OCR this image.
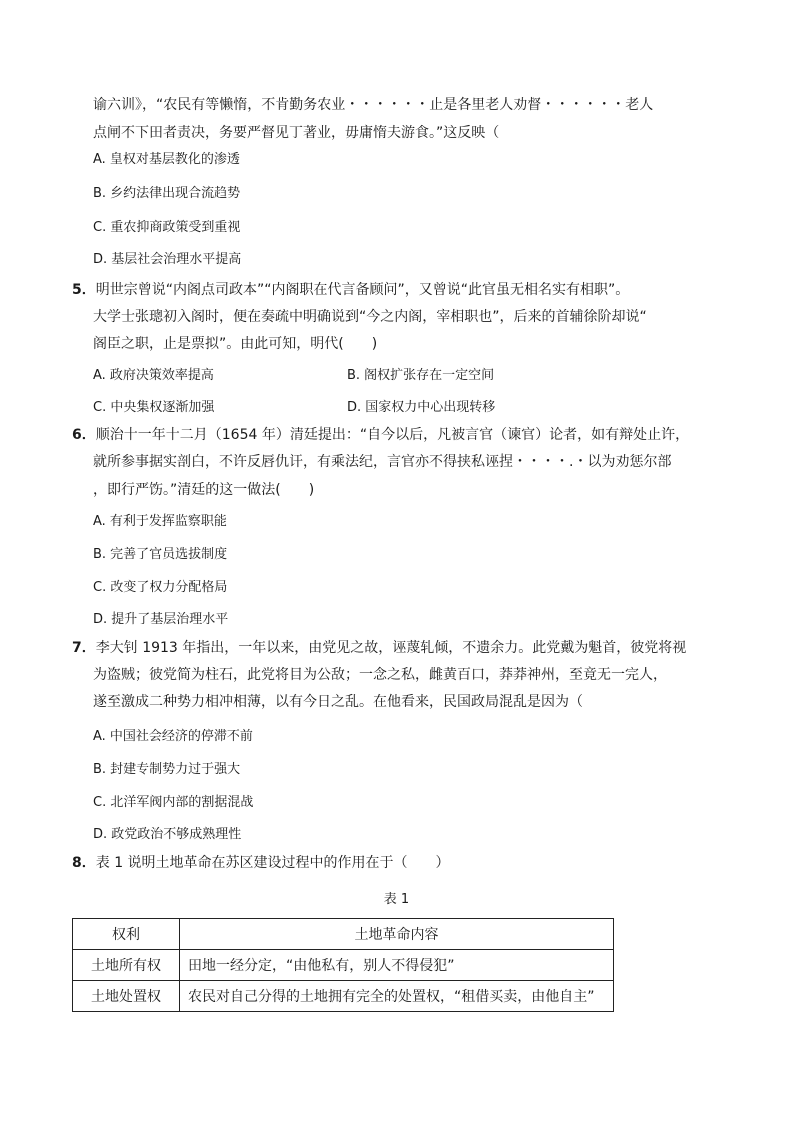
谕六训》，“农民有等懒惰，不肯勤务农业・・・・・・止是各里老人劝督・・・・・・老人
点闸不下田者责决，务要严督见丁著业，毋庸惰夫游食。”这反映（
A. 皇权对基层教化的渗透
B. 乡约法律出现合流趋势
C. 重农抑商政策受到重视
D. 基层社会治理水平提高
5．明世宗曾说“内阁点司政本”“内阁职在代言备顾问”，又曾说“此官虽无相名实有相职”。
大学士张璁初入阁时，便在奏疏中明确说到“今之内阁，宰相职也”，后来的首辅徐阶却说“
阁臣之职，止是票拟”。由此可知，明代(　　)
A. 政府决策效率提高	B. 阁权扩张存在一定空间
C. 中央集权逐渐加强	D. 国家权力中心出现转移
6．顺治十一年十二月（1654 年）清廷提出：“自今以后，凡被言官（谏官）论者，如有辩处止许，
就所参事据实剖白，不许反唇仇讦，有乘法纪，言官亦不得挟私诬捏・・・・.・以为劝惩尔部
，即行严饬。”清廷的这一做法(　　)
A. 有利于发挥监察职能
B. 完善了官员选拔制度
C. 改变了权力分配格局
D. 提升了基层治理水平
7．李大钊 1913 年指出，一年以来，由党见之故，诬蔑轧倾，不遗余力。此党戴为魁首，彼党将视
为盗贼；彼党简为柱石，此党将目为公敌；一念之私，雌黄百口，莽莽神州，至竟无一完人，
遂至激成二种势力相冲相薄，以有今日之乱。在他看来，民国政局混乱是因为（
A. 中国社会经济的停滞不前
B. 封建专制势力过于强大
C. 北洋军阀内部的割据混战
D. 政党政治不够成熟理性
8．表 1 说明土地革命在苏区建设过程中的作用在于（　　）
表 1
权利	土地革命内容
土地所有权	田地一经分定，“由他私有，别人不得侵犯”
土地处置权	农民对自己分得的土地拥有完全的处置权，“租借买卖，由他自主”
